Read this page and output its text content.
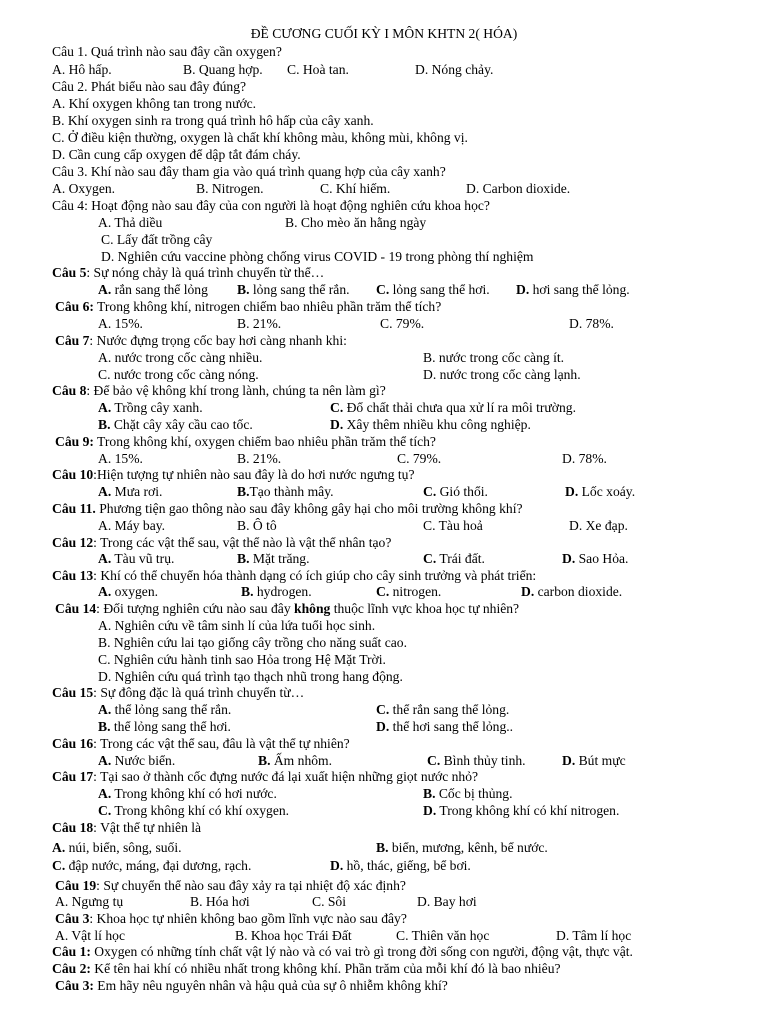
ĐỀ CƯƠNG CUỐI KỲ I MÔN KHTN 2( HÓA)
Câu 1. Quá trình nào sau đây cần oxygen?
A. Hô hấp.	B. Quang hợp. C. Hoà tan.	D. Nóng chảy.
Câu 2. Phát biểu nào sau đây đúng?
A. Khí oxygen không tan trong nước.
B. Khí oxygen sinh ra trong quá trình hô hấp của cây xanh.
C. Ở điều kiện thường, oxygen là chất khí không màu, không mùi, không vị.
D. Cần cung cấp oxygen để dập tắt đám cháy.
Câu 3. Khí nào sau đây tham gia vào quá trình quang hợp của cây xanh?
A. Oxygen.	B. Nitrogen.	C. Khí hiếm.	D. Carbon dioxide.
Câu 4: Hoạt động nào sau đây của con người là hoạt động nghiên cứu khoa học?
A. Thả diều	B. Cho mèo ăn hằng ngày
C. Lấy đất trồng cây
D. Nghiên cứu vaccine phòng chống virus COVID - 19 trong phòng thí nghiệm
Câu 5: Sự nóng chảy là quá trình chuyển từ thể…
A. rắn sang thể lỏng B. lỏng sang thể rắn. C. lỏng sang thể hơi. D. hơi sang thể lỏng.
Câu 6: Trong không khí, nitrogen chiếm bao nhiêu phần trăm thể tích?
A. 15%.	B. 21%.	C. 79%.	D. 78%.
Câu 7: Nước đựng trọng cốc bay hơi càng nhanh khi:
A. nước trong cốc càng nhiều.	B. nước trong cốc càng ít.
C. nước trong cốc càng nóng.	D. nước trong cốc càng lạnh.
Câu 8: Để bảo vệ không khí trong lành, chúng ta nên làm gì?
A. Trồng cây xanh.	C. Đổ chất thải chưa qua xử lí ra môi trường.
B. Chặt cây xây cầu cao tốc.	D. Xây thêm nhiều khu công nghiệp.
Câu 9: Trong không khí, oxygen chiếm bao nhiêu phần trăm thể tích?
A. 15%.	B. 21%.	C. 79%.	D. 78%.
Câu 10:Hiện tượng tự nhiên nào sau đây là do hơi nước ngưng tụ?
A. Mưa rơi.	B.Tạo thành mây.	C. Gió thổi.	D. Lốc xoáy.
Câu 11. Phương tiện gao thông nào sau đây không gây hại cho môi trường không khí?
A. Máy bay.	B. Ô tô	C. Tàu hoả	D. Xe đạp.
Câu 12: Trong các vật thể sau, vật thể nào là vật thể nhân tạo?
A. Tàu vũ trụ.	B. Mặt trăng.	C. Trái đất.	D. Sao Hỏa.
Câu 13: Khí có thể chuyển hóa thành dạng có ích giúp cho cây sinh trưởng và phát triển:
A. oxygen.	B. hydrogen.	C. nitrogen.	D. carbon dioxide.
Câu 14: Đối tượng nghiên cứu nào sau đây không thuộc lĩnh vực khoa học tự nhiên?
A. Nghiên cứu về tâm sinh lí của lứa tuổi học sinh.
B. Nghiên cứu lai tạo giống cây trồng cho năng suất cao.
C. Nghiên cứu hành tinh sao Hỏa trong Hệ Mặt Trời.
D. Nghiên cứu quá trình tạo thạch nhũ trong hang động.
Câu 15: Sự đông đặc là quá trình chuyển từ…
A. thể lỏng sang thể rắn.	C. thể rắn sang thể lỏng.
B. thể lỏng sang thể hơi.	D. thể hơi sang thể lỏng..
Câu 16: Trong các vật thể sau, đâu là vật thể tự nhiên?
A. Nước biển.	B. Ấm nhôm.	C. Bình thủy tinh.	D. Bút mực
Câu 17: Tại sao ở thành cốc đựng nước đá lại xuất hiện những giọt nước nhỏ?
A. Trong không khí có hơi nước.	B. Cốc bị thủng.
C. Trong không khí có khí oxygen.	D. Trong không khí có khí nitrogen.
Câu 18: Vật thể tự nhiên là
A. núi, biển, sông, suối.	B. biển, mương, kênh, bể nước.
C. đập nước, máng, đại dương, rạch.	D. hồ, thác, giếng, bể bơi.
Câu 19: Sự chuyển thể nào sau đây xảy ra tại nhiệt độ xác định?
A. Ngưng tụ	B. Hóa hơi	C. Sôi	D. Bay hơi
Câu 3: Khoa học tự nhiên không bao gồm lĩnh vực nào sau đây?
A. Vật lí học	B. Khoa học Trái Đất	C. Thiên văn học	D. Tâm lí học
Câu 1: Oxygen có những tính chất vật lý nào và có vai trò gì trong đời sống con người, động vật, thực vật.
Câu 2: Kể tên hai khí có nhiều nhất trong không khí. Phần trăm của mỗi khí đó là bao nhiêu?
Câu 3: Em hãy nêu nguyên nhân và hậu quả của sự ô nhiễm không khí?
